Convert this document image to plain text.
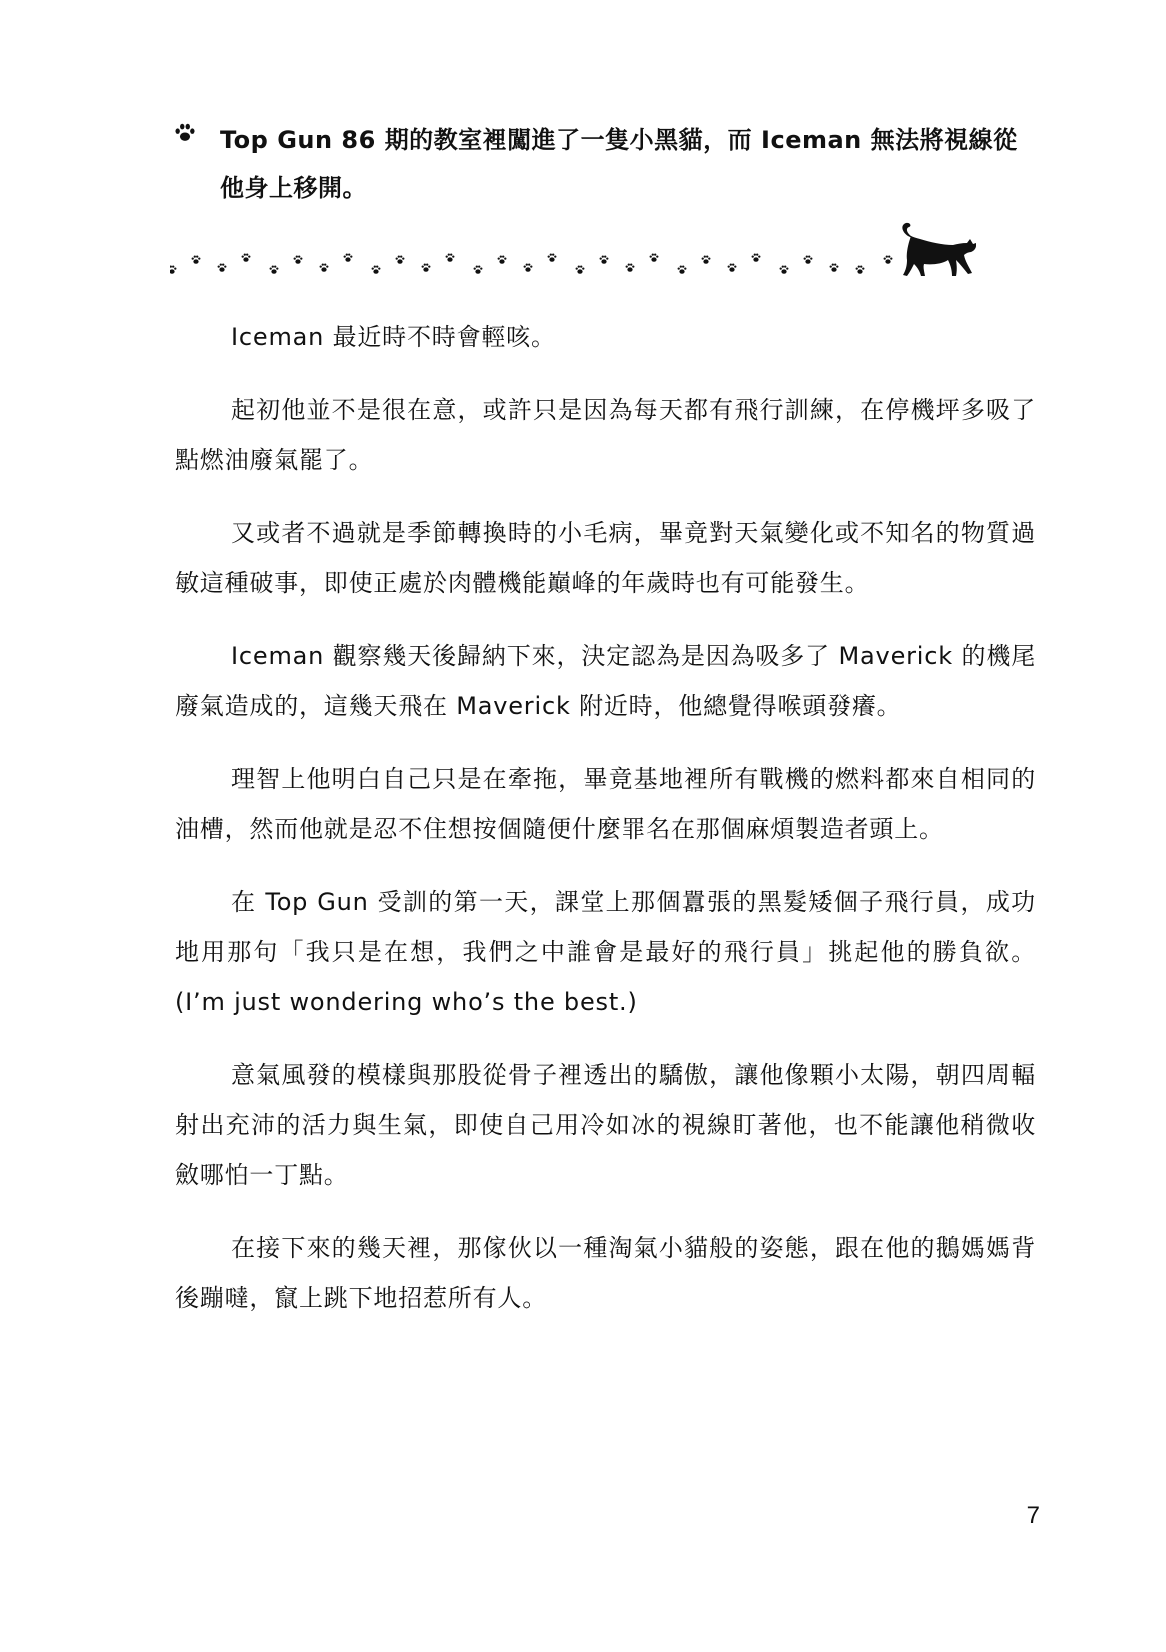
Top Gun 86 期的教室裡闖進了一隻小黑貓，而 Iceman 無法將視線從他身上移開。

Iceman 最近時不時會輕咳。

起初他並不是很在意，或許只是因為每天都有飛行訓練，在停機坪多吸了點燃油廢氣罷了。

又或者不過就是季節轉換時的小毛病，畢竟對天氣變化或不知名的物質過敏這種破事，即使正處於肉體機能巔峰的年歲時也有可能發生。

Iceman 觀察幾天後歸納下來，決定認為是因為吸多了 Maverick 的機尾廢氣造成的，這幾天飛在 Maverick 附近時，他總覺得喉頭發癢。

理智上他明白自己只是在牽拖，畢竟基地裡所有戰機的燃料都來自相同的油槽，然而他就是忍不住想按個隨便什麼罪名在那個麻煩製造者頭上。

在 Top Gun 受訓的第一天，課堂上那個囂張的黑髮矮個子飛行員，成功地用那句「我只是在想，我們之中誰會是最好的飛行員」挑起他的勝負欲。(I’m just wondering who’s the best.)

意氣風發的模樣與那股從骨子裡透出的驕傲，讓他像顆小太陽，朝四周輻射出充沛的活力與生氣，即使自己用冷如冰的視線盯著他，也不能讓他稍微收斂哪怕一丁點。

在接下來的幾天裡，那傢伙以一種淘氣小貓般的姿態，跟在他的鵝媽媽背後蹦噠，竄上跳下地招惹所有人。

7
